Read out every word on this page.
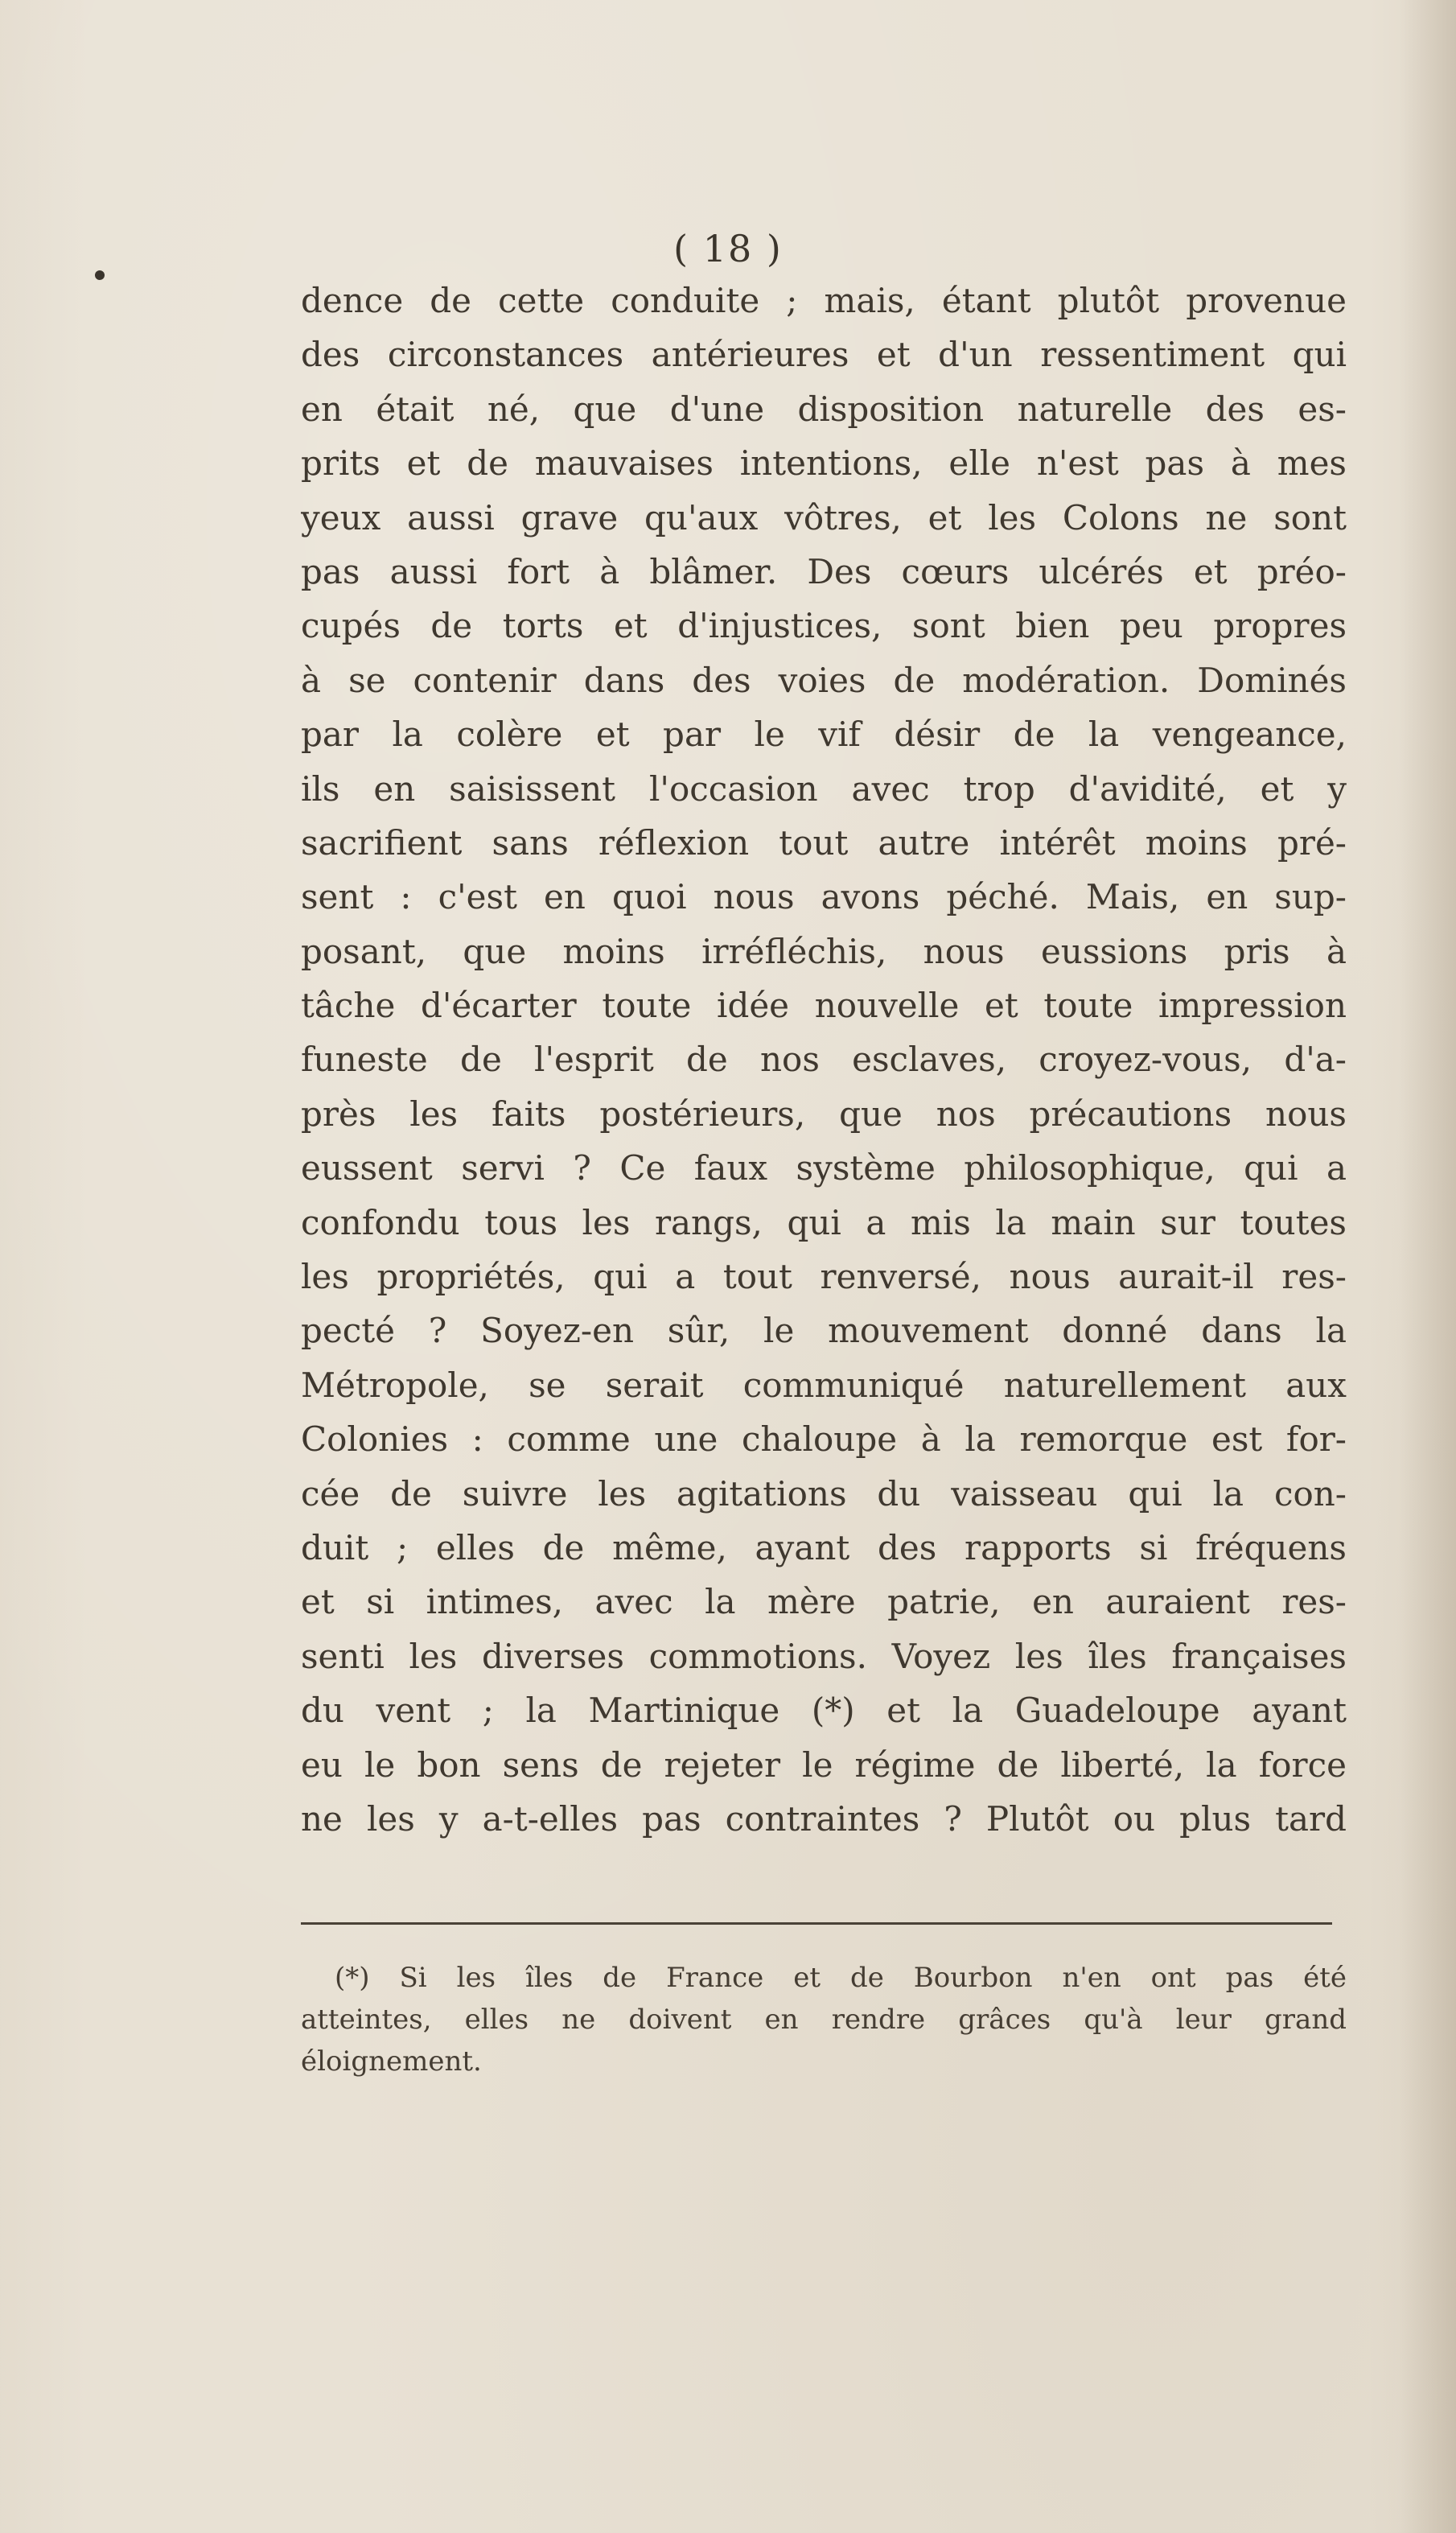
( 18 )
dence de cette conduite ; mais, étant plutôt provenue
des circonstances antérieures et d'un ressentiment qui
en était né, que d'une disposition naturelle des es-
prits et de mauvaises intentions, elle n'est pas à mes
yeux aussi grave qu'aux vôtres, et les Colons ne sont
pas aussi fort à blâmer. Des cœurs ulcérés et préo-
cupés de torts et d'injustices, sont bien peu propres
à se contenir dans des voies de modération. Dominés
par la colère et par le vif désir de la vengeance,
ils en saisissent l'occasion avec trop d'avidité, et y
sacrifient sans réflexion tout autre intérêt moins pré-
sent : c'est en quoi nous avons péché. Mais, en sup-
posant, que moins irréfléchis, nous eussions pris à
tâche d'écarter toute idée nouvelle et toute impression
funeste de l'esprit de nos esclaves, croyez-vous, d'a-
près les faits postérieurs, que nos précautions nous
eussent servi ? Ce faux système philosophique, qui a
confondu tous les rangs, qui a mis la main sur toutes
les propriétés, qui a tout renversé, nous aurait-il res-
pecté ? Soyez-en sûr, le mouvement donné dans la
Métropole, se serait communiqué naturellement aux
Colonies : comme une chaloupe à la remorque est for-
cée de suivre les agitations du vaisseau qui la con-
duit ; elles de même, ayant des rapports si fréquens
et si intimes, avec la mère patrie, en auraient res-
senti les diverses commotions. Voyez les îles françaises
du vent ; la Martinique (*) et la Guadeloupe ayant
eu le bon sens de rejeter le régime de liberté, la force
ne les y a-t-elles pas contraintes ? Plutôt ou plus tard
(*) Si les îles de France et de Bourbon n'en ont pas été
atteintes, elles ne doivent en rendre grâces qu'à leur grand
éloignement.
